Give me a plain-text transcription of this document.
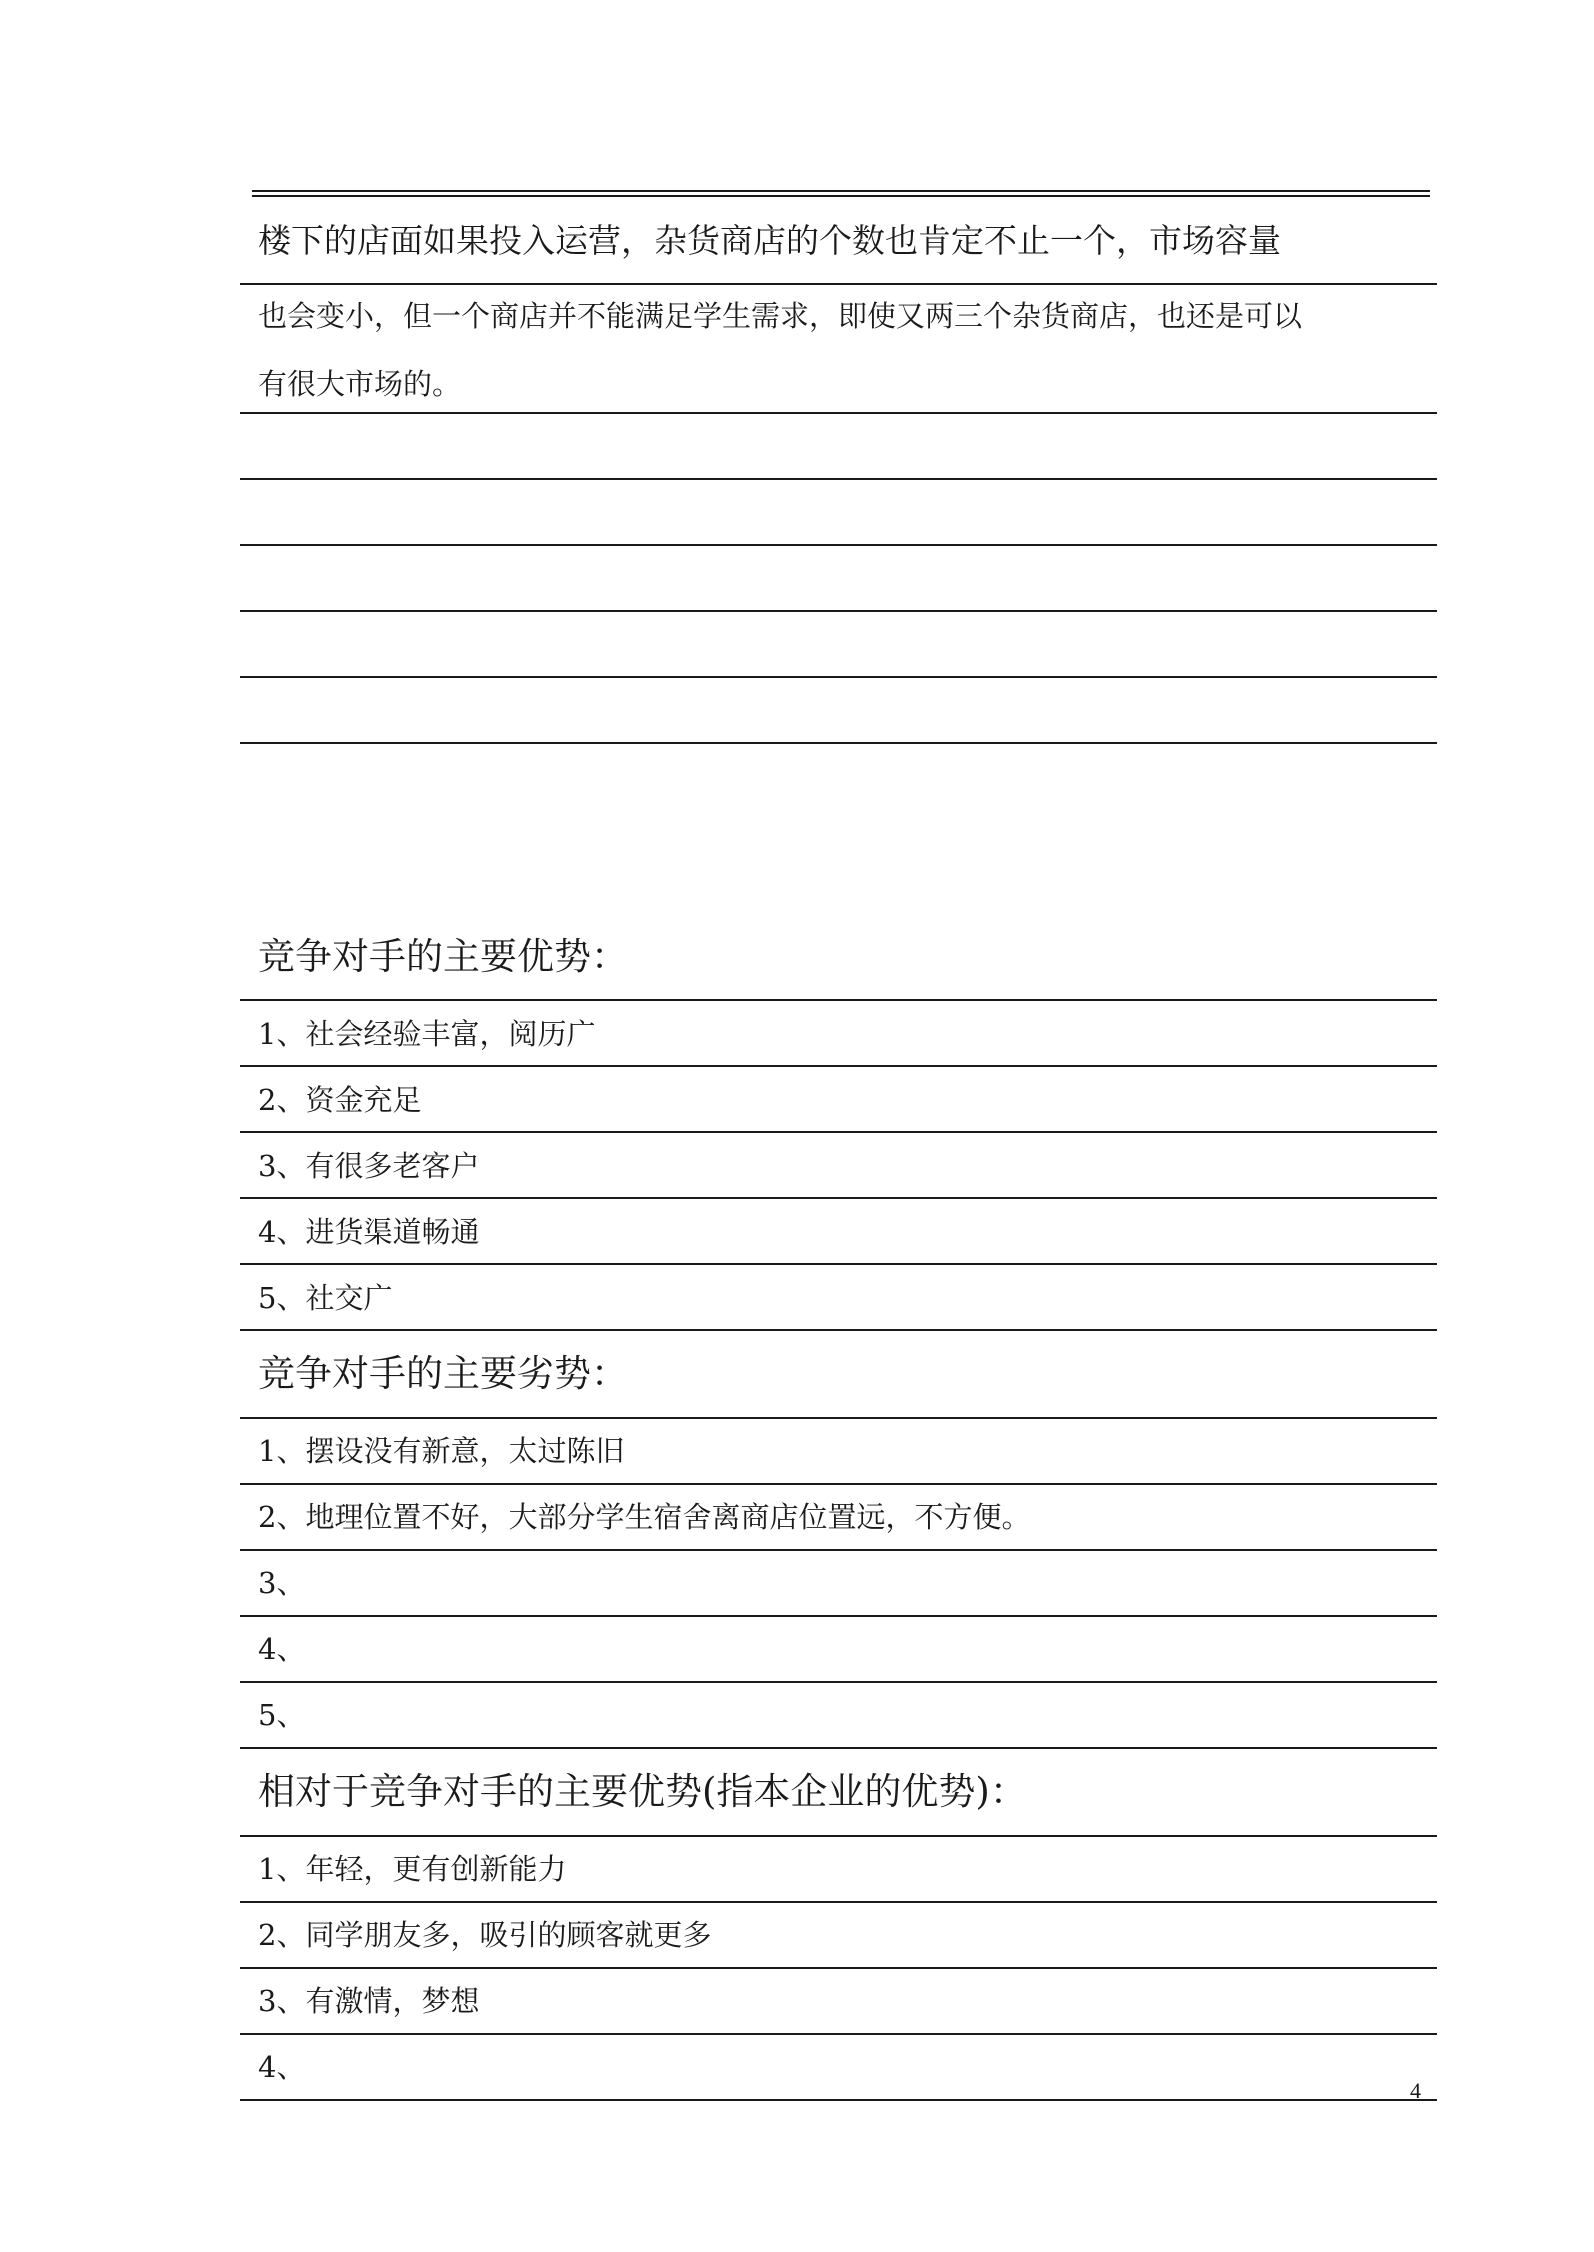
楼下的店面如果投入运营，杂货商店的个数也肯定不止一个，市场容量
也会变小，但一个商店并不能满足学生需求，即使又两三个杂货商店，也还是可以
有很大市场的。
竞争对手的主要优势：
1、社会经验丰富，阅历广
2、资金充足
3、有很多老客户
4、进货渠道畅通
5、社交广
竞争对手的主要劣势：
1、摆设没有新意，太过陈旧
2、地理位置不好，大部分学生宿舍离商店位置远，不方便。
3、
4、
5、
相对于竞争对手的主要优势(指本企业的优势)：
1、年轻，更有创新能力
2、同学朋友多，吸引的顾客就更多
3、有激情，梦想
4、
4
